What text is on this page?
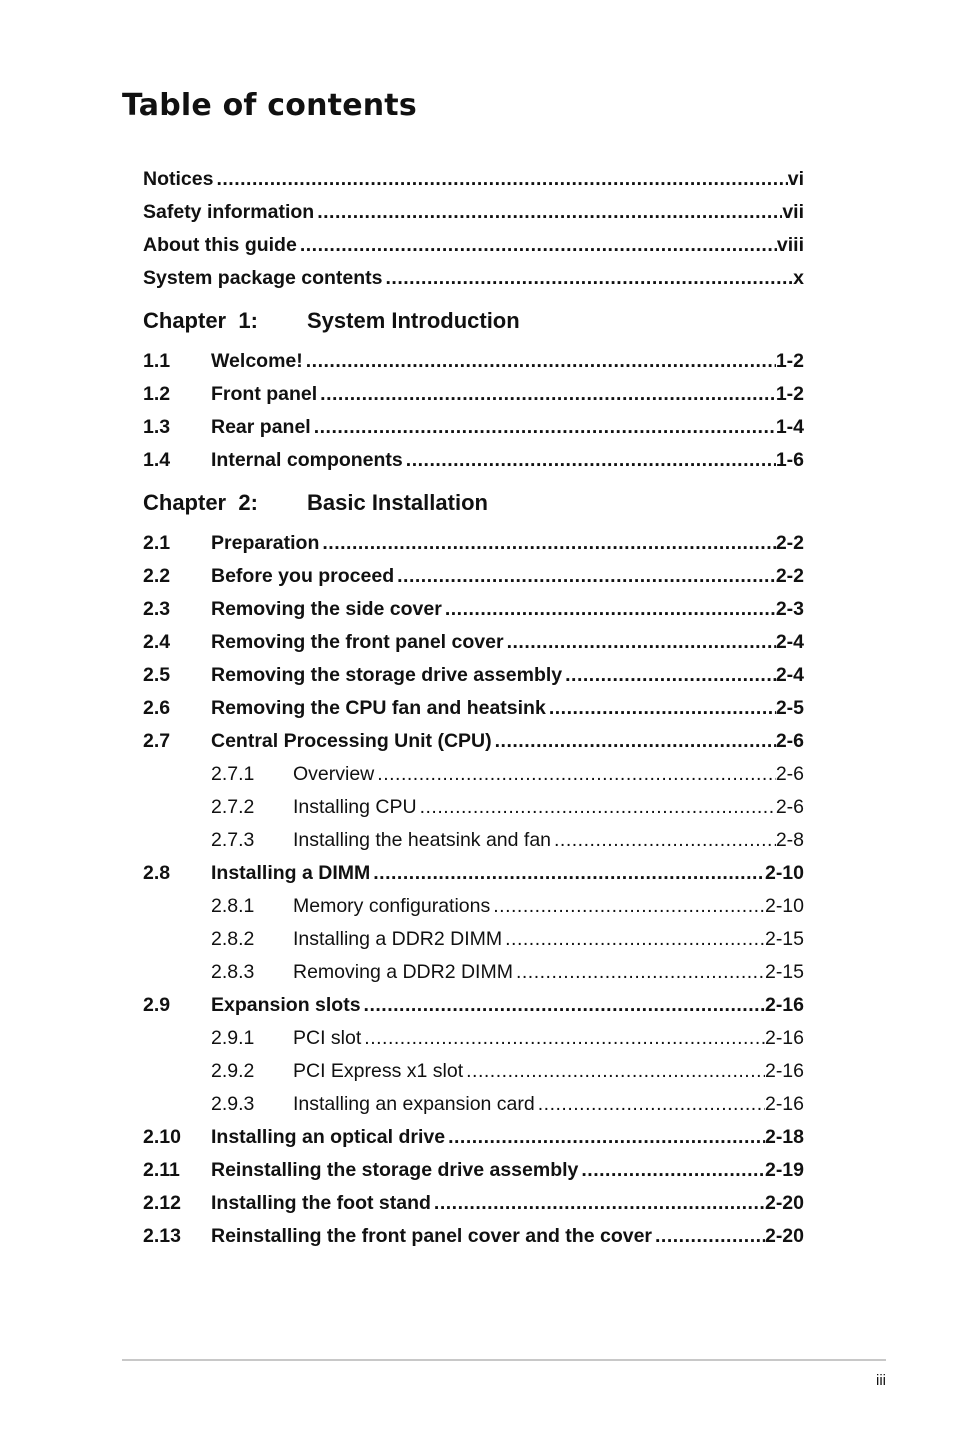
Table of contents
Notices .....	vi
Safety information .....	vii
About this guide .....	viii
System package contents .....	x
Chapter  1:	System Introduction
1.1	Welcome! .....	1-2
1.2	Front panel .....	1-2
1.3	Rear panel .....	1-4
1.4	Internal components .....	1-6
Chapter  2:	Basic Installation
2.1	Preparation .....	2-2
2.2	Before you proceed .....	2-2
2.3	Removing the side cover .....	2-3
2.4	Removing the front panel cover .....	2-4
2.5	Removing the storage drive assembly .....	2-4
2.6	Removing the CPU fan and heatsink .....	2-5
2.7	Central Processing Unit (CPU) .....	2-6
2.7.1	Overview .....	2-6
2.7.2	Installing CPU .....	2-6
2.7.3	Installing the heatsink and fan .....	2-8
2.8	Installing a DIMM .....	2-10
2.8.1	Memory configurations .....	2-10
2.8.2	Installing a DDR2 DIMM .....	2-15
2.8.3	Removing a DDR2 DIMM .....	2-15
2.9	Expansion slots .....	2-16
2.9.1	PCI slot .....	2-16
2.9.2	PCI Express x1 slot .....	2-16
2.9.3	Installing an expansion card .....	2-16
2.10	Installing an optical drive .....	2-18
2.11	Reinstalling the storage drive assembly .....	2-19
2.12	Installing the foot stand .....	2-20
2.13	Reinstalling the front panel cover and the cover .....	2-20
iii
